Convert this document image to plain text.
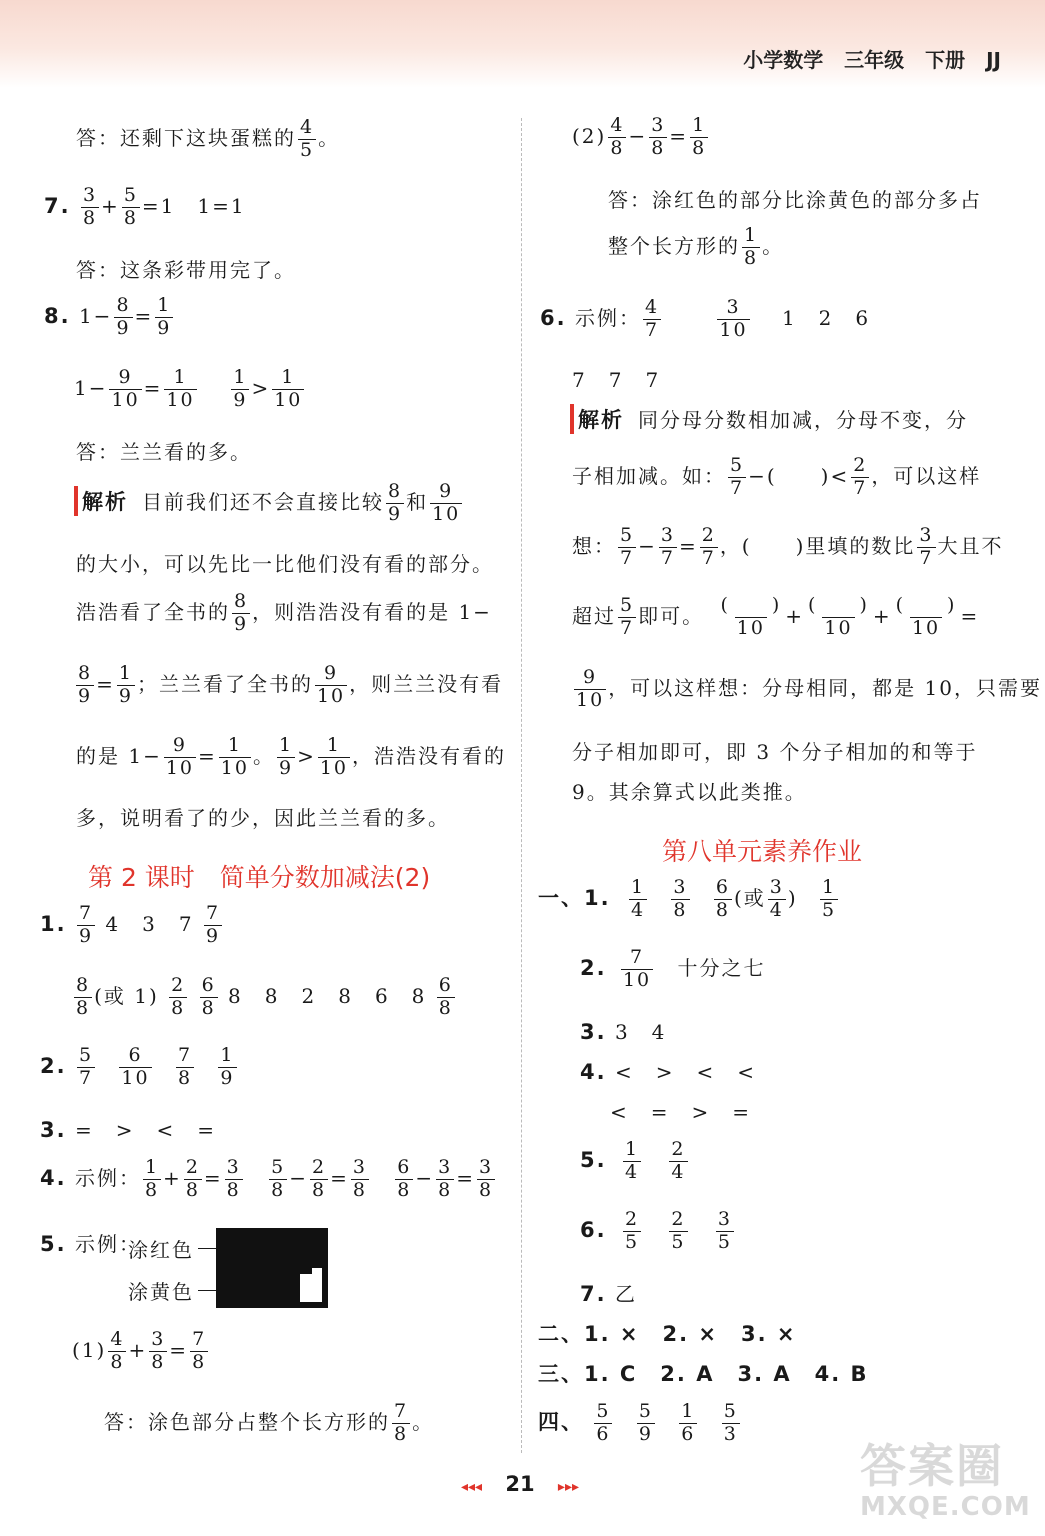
小学数学 三年级 下册 JJ
答：还剩下这块蛋糕的 $\frac{4}{5}$ 。
7. $\frac{3}{8} + \frac{5}{8} =1$　1=1
答：这条彩带用完了。
8. $1- \frac{8}{9} = \frac{1}{9}$
$1- \frac{9}{10} = \frac{1}{10}$
$\frac{1}{9} > \frac{1}{10}$
答：兰兰看的多。
解析 目前我们还不会直接比较 $\frac{8}{9}$ 和 $\frac{9}{10}$
的大小，可以先比一比他们没有看的部分。
浩浩看了全书的 $\frac{8}{9}$ ，则浩浩没有看的是 1−
$\frac{8}{9} = \frac{1}{9}$ ；兰兰看了全书的 $\frac{9}{10}$ ，则兰兰没有看
的是 $1- \frac{9}{10} = \frac{1}{10}$ 。 $\frac{1}{9} > \frac{1}{10}$ ，浩浩没有看的
多，说明看了的少，因此兰兰看的多。
第 2 课时　简单分数加减法(2)
1. $\frac{7}{9} 4$　3　$7 \frac{7}{9}$
$\frac{8}{8}$ (或 $1) \frac{2}{8}$
$\frac{6}{8} 8$　8　2　8　6　$8 \frac{6}{8}$
2. $\frac{5}{7}$
$\frac{6}{10}$
$\frac{7}{8}$
$\frac{1}{9}$
3. =　>　<　=
4. 示例： $\frac{1}{8} + \frac{2}{8} = \frac{3}{8}$
$\frac{5}{8} - \frac{2}{8} = \frac{3}{8}$
$\frac{6}{8} - \frac{3}{8} = \frac{3}{8}$
5. 示例：
涂红色
涂黄色
$(1) \frac{4}{8} + \frac{3}{8} = \frac{7}{8}$
答：涂色部分占整个长方形的 $\frac{7}{8}$ 。
$(2) \frac{4}{8} - \frac{3}{8} = \frac{1}{8}$
答：涂红色的部分比涂黄色的部分多占
整个长方形的 $\frac{1}{8}$ 。
6. 示例： $\frac{4}{7}$
	$\frac{3}{10} 1$　2　6
7　7　7
解析 同分母分数相加减，分母不变，分
子相加减。如： $\frac{5}{7}$ −(　　)< $\frac{2}{7}$ ，可以这样
想： $\frac{5}{7} - \frac{3}{7} = \frac{2}{7}$ ，(　　)里填的数比 $\frac{3}{7}$ 大且不
超过 $\frac{5}{7}$ 即可。 $\frac{( )}{10} + \frac{( )}{10} + \frac{( )}{10}$ =
$\frac{9}{10}$ ，可以这样想：分母相同，都是 10，只需要
分子相加即可，即 3 个分子相加的和等于
9。其余算式以此类推。
第八单元素养作业
一、1. $\frac{1}{4}$
$\frac{3}{8}$
$\frac{6}{8}$ (或 $\frac{3}{4}$ ) $\frac{1}{5}$
2. $\frac{7}{10}$ 十分之七
3. 3　4
4. <　>　<　<
<　=　>　=
5. $\frac{1}{4}$
$\frac{2}{4}$
6. $\frac{2}{5}$
$\frac{2}{5}$
$\frac{3}{5}$
7. 乙
二、1. ×　2. ×　3. ×
三、1. C　2. A　3. A　4. B
四、 $\frac{5}{6}$
$\frac{5}{9}$
$\frac{1}{6}$
$\frac{5}{3}$
◂◂◂ 21 ▸▸▸	答案圈
MXQE.COM
